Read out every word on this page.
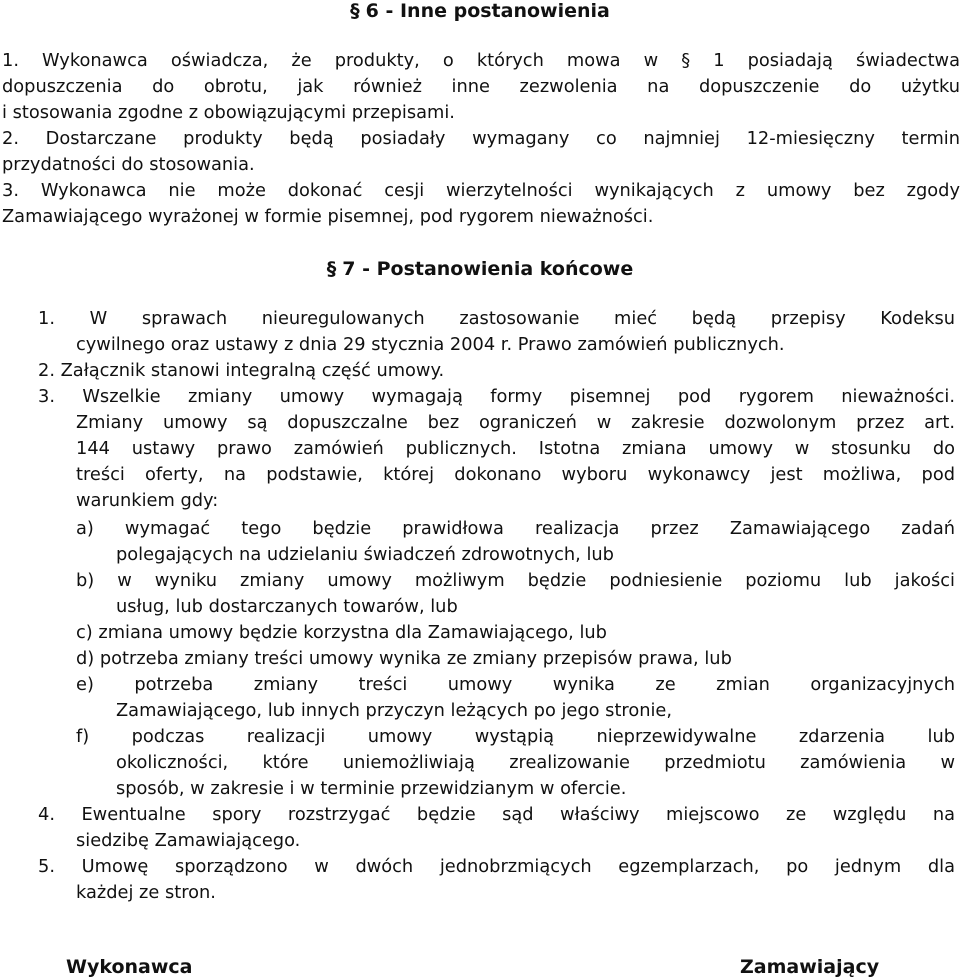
§ 6 - Inne postanowienia
1. Wykonawca oświadcza, że produkty, o których mowa w § 1 posiadają świadectwa
dopuszczenia do obrotu, jak również inne zezwolenia na dopuszczenie do użytku
i stosowania zgodne z obowiązującymi przepisami.
2. Dostarczane produkty będą posiadały wymagany co najmniej 12-miesięczny termin
przydatności do stosowania.
3. Wykonawca nie może dokonać cesji wierzytelności wynikających z umowy bez zgody
Zamawiającego wyrażonej w formie pisemnej, pod rygorem nieważności.
§ 7 - Postanowienia końcowe
1. W sprawach nieuregulowanych zastosowanie mieć będą przepisy Kodeksu
cywilnego oraz ustawy z dnia 29 stycznia 2004 r. Prawo zamówień publicznych.
2. Załącznik stanowi integralną część umowy.
3. Wszelkie zmiany umowy wymagają formy pisemnej pod rygorem nieważności.
Zmiany umowy są dopuszczalne bez ograniczeń w zakresie dozwolonym przez art.
144 ustawy prawo zamówień publicznych. Istotna zmiana umowy w stosunku do
treści oferty, na podstawie, której dokonano wyboru wykonawcy jest możliwa, pod
warunkiem gdy:
a) wymagać tego będzie prawidłowa realizacja przez Zamawiającego zadań
polegających na udzielaniu świadczeń zdrowotnych, lub
b) w wyniku zmiany umowy możliwym będzie podniesienie poziomu lub jakości
usług, lub dostarczanych towarów, lub
c) zmiana umowy będzie korzystna dla Zamawiającego, lub
d) potrzeba zmiany treści umowy wynika ze zmiany przepisów prawa, lub
e) potrzeba zmiany treści umowy wynika ze zmian organizacyjnych
Zamawiającego, lub innych przyczyn leżących po jego stronie,
f) podczas realizacji umowy wystąpią nieprzewidywalne zdarzenia lub
okoliczności, które uniemożliwiają zrealizowanie przedmiotu zamówienia w
sposób, w zakresie i w terminie przewidzianym w ofercie.
4. Ewentualne spory rozstrzygać będzie sąd właściwy miejscowo ze względu na
siedzibę Zamawiającego.
5. Umowę sporządzono w dwóch jednobrzmiących egzemplarzach, po jednym dla
każdej ze stron.
Wykonawca	Zamawiający
